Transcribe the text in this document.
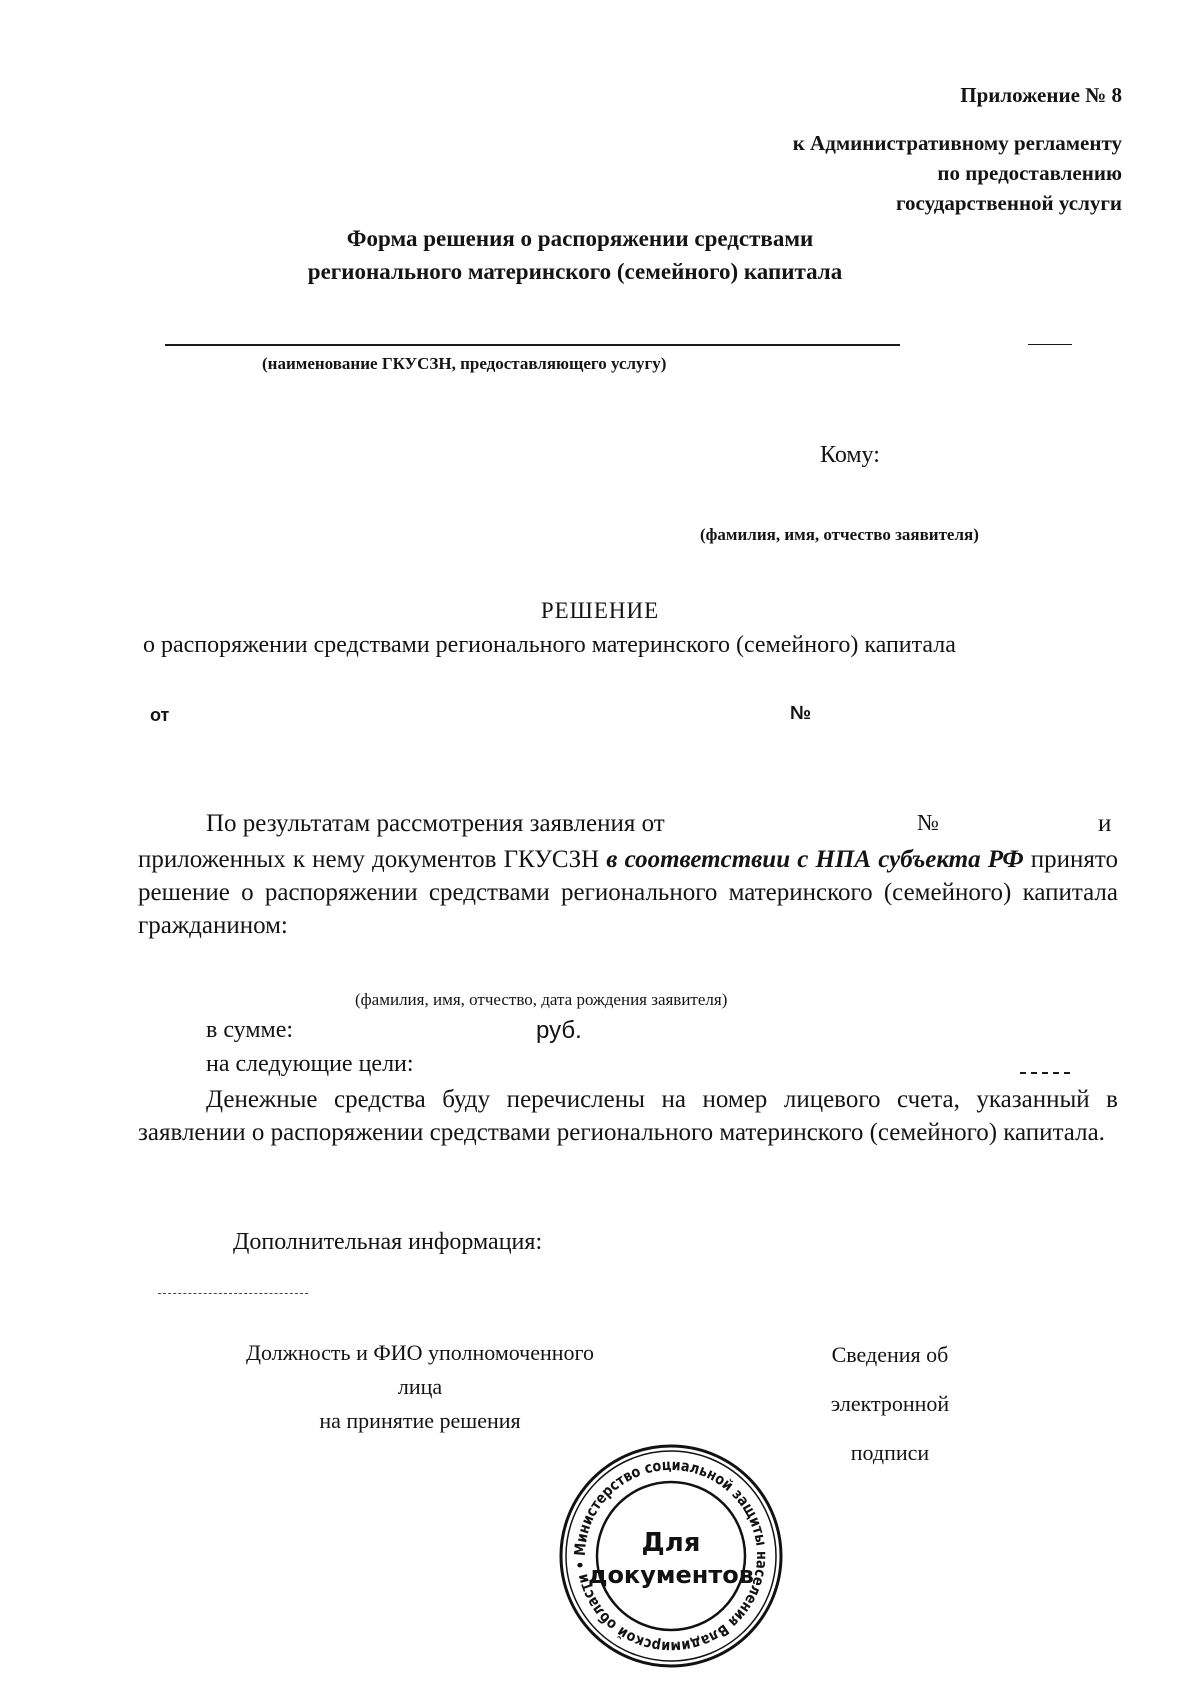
Приложение № 8
к Административному регламенту
по предоставлению
государственной услуги
Форма решения о распоряжении средствами
регионального материнского (семейного) капитала
(наименование ГКУСЗН, предоставляющего услугу)
Кому:
(фамилия, имя, отчество заявителя)
РЕШЕНИЕ
о распоряжении средствами регионального материнского (семейного) капитала
от	№
По результатам рассмотрения заявления от	№	и
приложенных к нему документов ГКУСЗН в соответствии с НПА субъекта РФ принято решение о распоряжении средствами регионального материнского (семейного) капитала гражданином:
(фамилия, имя, отчество, дата рождения заявителя)
в сумме:	руб.
на следующие цели:
Денежные средства буду перечислены на номер лицевого счета, указанный в заявлении о распоряжении средствами регионального материнского (семейного) капитала.
Дополнительная информация:
Должность и ФИО уполномоченного
лица
на принятие решения
Сведения об
электронной
подписи
Министерство социальной защиты населения Владимирской области •
Для
документов
